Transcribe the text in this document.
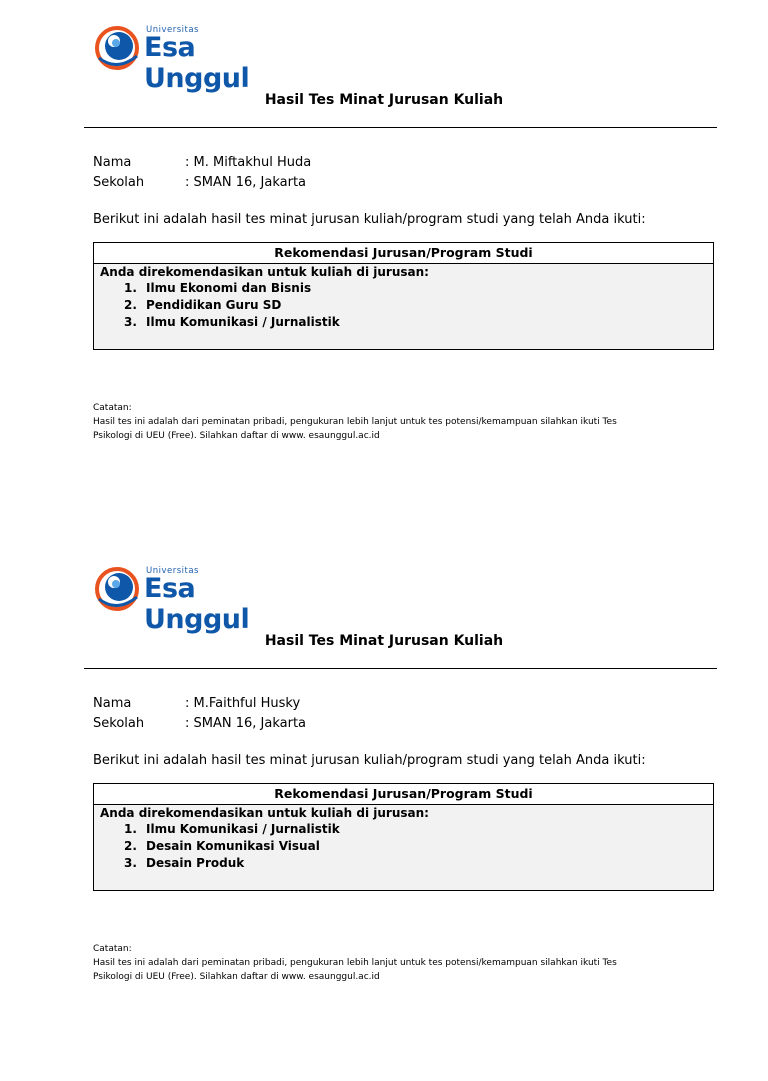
Universitas
Esa Unggul
Hasil Tes Minat Jurusan Kuliah
Nama	: M. Miftakhul Huda
Sekolah	: SMAN 16, Jakarta
Berikut ini adalah hasil tes minat jurusan kuliah/program studi yang telah Anda ikuti:
Rekomendasi Jurusan/Program Studi
Anda direkomendasikan untuk kuliah di jurusan:
1. Ilmu Ekonomi dan Bisnis
2. Pendidikan Guru SD
3. Ilmu Komunikasi / Jurnalistik
Catatan:
Hasil tes ini adalah dari peminatan pribadi, pengukuran lebih lanjut untuk tes potensi/kemampuan silahkan ikuti Tes
Psikologi di UEU (Free). Silahkan daftar di www. esaunggul.ac.id
Universitas
Esa Unggul
Hasil Tes Minat Jurusan Kuliah
Nama	: M.Faithful Husky
Sekolah	: SMAN 16, Jakarta
Berikut ini adalah hasil tes minat jurusan kuliah/program studi yang telah Anda ikuti:
Rekomendasi Jurusan/Program Studi
Anda direkomendasikan untuk kuliah di jurusan:
1. Ilmu Komunikasi / Jurnalistik
2. Desain Komunikasi Visual
3. Desain Produk
Catatan:
Hasil tes ini adalah dari peminatan pribadi, pengukuran lebih lanjut untuk tes potensi/kemampuan silahkan ikuti Tes
Psikologi di UEU (Free). Silahkan daftar di www. esaunggul.ac.id
